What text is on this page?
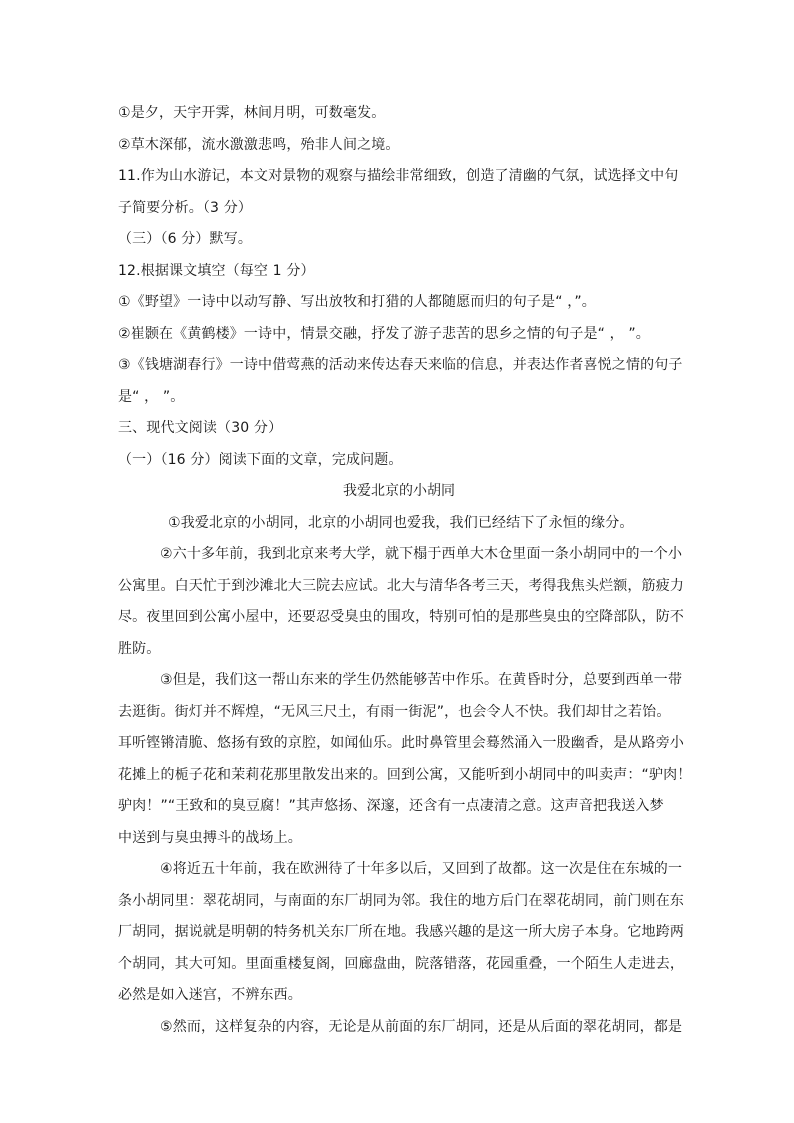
①是夕，天宇开霁，林间月明，可数毫发。
②草木深郁，流水激激悲鸣，殆非人间之境。
11.作为山水游记，本文对景物的观察与描绘非常细致，创造了清幽的气氛，试选择文中句
子简要分析。（3 分）
（三）（6 分）默写。
12.根据课文填空（每空 1 分）
①《野望》一诗中以动写静、写出放牧和打猎的人都随愿而归的句子是“ ，”。
②崔颢在《黄鹤楼》一诗中，情景交融，抒发了游子悲苦的思乡之情的句子是“ ， ”。
③《钱塘湖春行》一诗中借莺燕的活动来传达春天来临的信息，并表达作者喜悦之情的句子
是“ ， ”。
三、现代文阅读（30 分）
（一）（16 分）阅读下面的文章，完成问题。
我爱北京的小胡同
①我爱北京的小胡同，北京的小胡同也爱我，我们已经结下了永恒的缘分。
②六十多年前，我到北京来考大学，就下榻于西单大木仓里面一条小胡同中的一个小
公寓里。白天忙于到沙滩北大三院去应试。北大与清华各考三天，考得我焦头烂额，筋疲力
尽。夜里回到公寓小屋中，还要忍受臭虫的围攻，特别可怕的是那些臭虫的空降部队，防不
胜防。
③但是，我们这一帮山东来的学生仍然能够苦中作乐。在黄昏时分，总要到西单一带
去逛街。街灯并不辉煌，“无风三尺土，有雨一街泥”，也会令人不快。我们却甘之若饴。
耳听铿锵清脆、悠扬有致的京腔，如闻仙乐。此时鼻管里会蓦然涌入一股幽香，是从路旁小
花摊上的栀子花和茉莉花那里散发出来的。回到公寓，又能听到小胡同中的叫卖声：“驴肉！
驴肉！”“王致和的臭豆腐！”其声悠扬、深邃，还含有一点凄清之意。这声音把我送入梦
中送到与臭虫搏斗的战场上。
④将近五十年前，我在欧洲待了十年多以后，又回到了故都。这一次是住在东城的一
条小胡同里：翠花胡同，与南面的东厂胡同为邻。我住的地方后门在翠花胡同，前门则在东
厂胡同，据说就是明朝的特务机关东厂所在地。我感兴趣的是这一所大房子本身。它地跨两
个胡同，其大可知。里面重楼复阁，回廊盘曲，院落错落，花园重叠，一个陌生人走进去，
必然是如入迷宫，不辨东西。
⑤然而，这样复杂的内容，无论是从前面的东厂胡同，还是从后面的翠花胡同，都是
